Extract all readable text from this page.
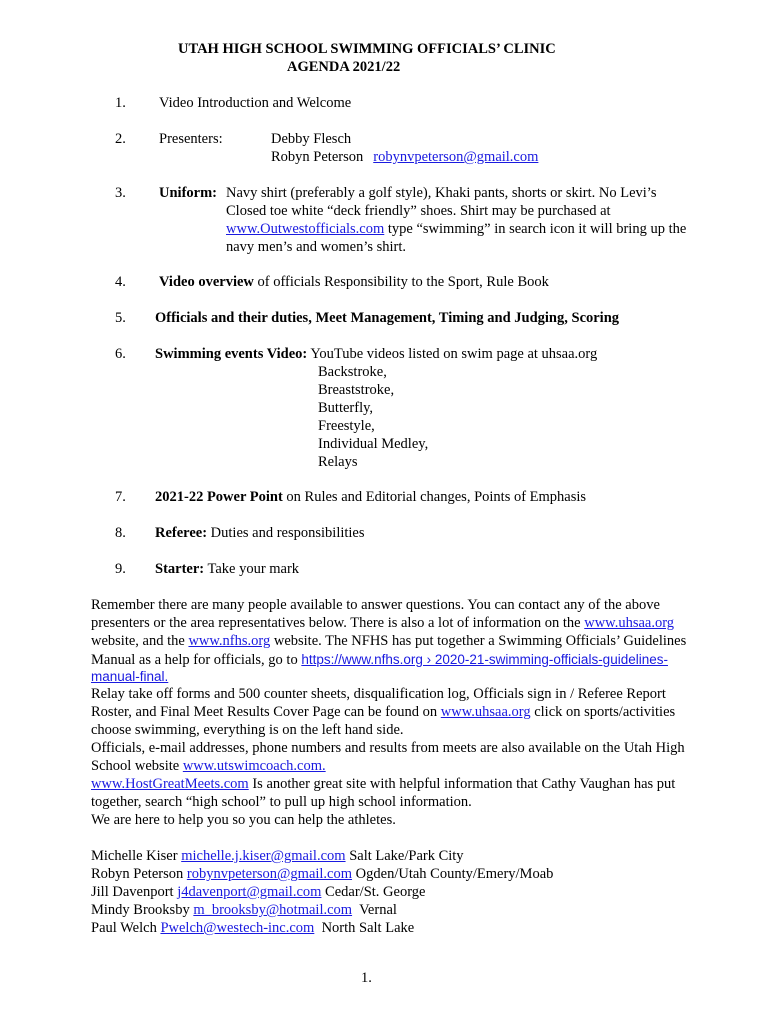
UTAH HIGH SCHOOL SWIMMING OFFICIALS’ CLINIC
AGENDA 2021/22
1. Video Introduction and Welcome
2. Presenters:	Debby Flesch
Robyn Peterson robynvpeterson@gmail.com
3. Uniform: Navy shirt (preferably a golf style), Khaki pants, shorts or skirt. No Levi’s
Closed toe white “deck friendly” shoes. Shirt may be purchased at
www.Outwestofficials.com type “swimming” in search icon it will bring up the
navy men’s and women’s shirt.
4. Video overview of officials Responsibility to the Sport, Rule Book
5. Officials and their duties, Meet Management, Timing and Judging, Scoring
6. Swimming events Video: YouTube videos listed on swim page at uhsaa.org
Backstroke,
Breaststroke,
Butterfly,
Freestyle,
Individual Medley,
Relays
7. 2021-22 Power Point on Rules and Editorial changes, Points of Emphasis
8. Referee: Duties and responsibilities
9. Starter: Take your mark
Remember there are many people available to answer questions. You can contact any of the above
presenters or the area representatives below. There is also a lot of information on the www.uhsaa.org
website, and the www.nfhs.org website. The NFHS has put together a Swimming Officials’ Guidelines
Manual as a help for officials, go to https://www.nfhs.org › 2020-21-swimming-officials-guidelines-
manual-final.
Relay take off forms and 500 counter sheets, disqualification log, Officials sign in / Referee Report
Roster, and Final Meet Results Cover Page can be found on www.uhsaa.org click on sports/activities
choose swimming, everything is on the left hand side.
Officials, e-mail addresses, phone numbers and results from meets are also available on the Utah High
School website www.utswimcoach.com.
www.HostGreatMeets.com Is another great site with helpful information that Cathy Vaughan has put
together, search “high school” to pull up high school information.
We are here to help you so you can help the athletes.
Michelle Kiser michelle.j.kiser@gmail.com Salt Lake/Park City
Robyn Peterson robynvpeterson@gmail.com Ogden/Utah County/Emery/Moab
Jill Davenport j4davenport@gmail.com Cedar/St. George
Mindy Brooksby m_brooksby@hotmail.com  Vernal
Paul Welch Pwelch@westech-inc.com  North Salt Lake
1.
